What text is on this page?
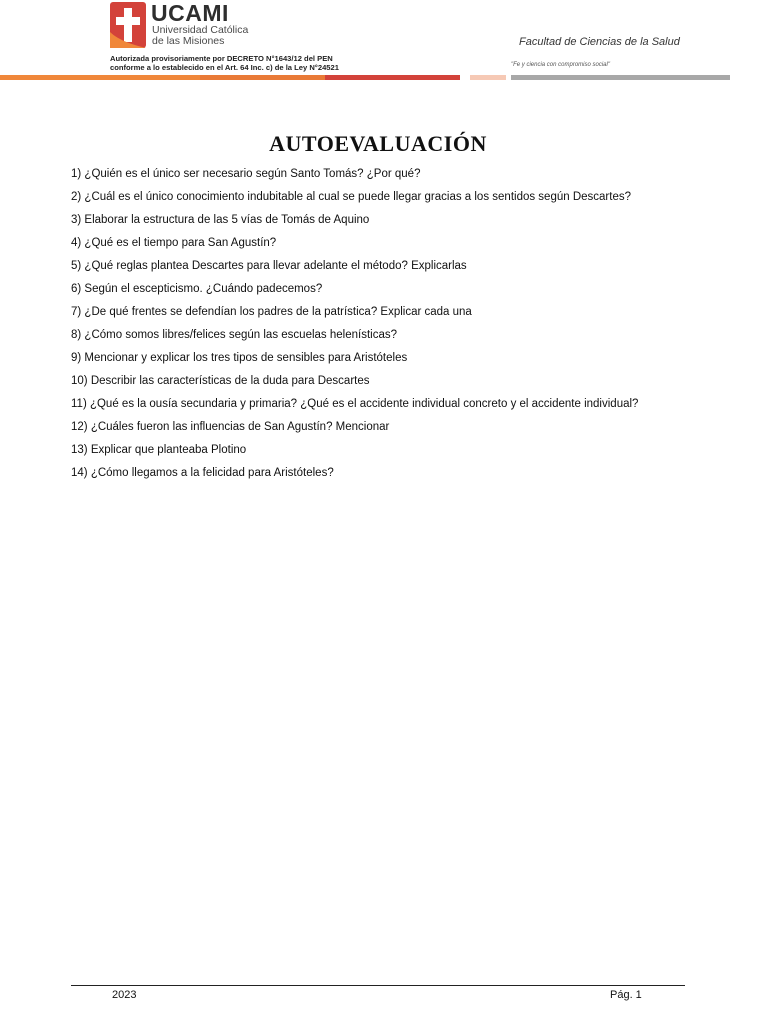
UCAMI
Universidad Católica
de las Misiones
Autorizada provisoriamente por DECRETO N°1643/12 del PEN
conforme a lo establecido en el Art. 64 Inc. c) de la Ley N°24521
Facultad de Ciencias de la Salud
"Fe y ciencia con compromiso social"
AUTOEVALUACIÓN
1) ¿Quién es el único ser necesario según Santo Tomás? ¿Por qué?
2) ¿Cuál es el único conocimiento indubitable al cual se puede llegar gracias a los sentidos según Descartes?
3) Elaborar la estructura de las 5 vías de Tomás de Aquino
4) ¿Qué es el tiempo para San Agustín?
5) ¿Qué reglas plantea Descartes para llevar adelante el método? Explicarlas
6) Según el escepticismo. ¿Cuándo padecemos?
7) ¿De qué frentes se defendían los padres de la patrística? Explicar cada una
8) ¿Cómo somos libres/felices según las escuelas helenísticas?
9) Mencionar y explicar los tres tipos de sensibles para Aristóteles
10) Describir las características de la duda para Descartes
11) ¿Qué es la ousía secundaria y primaria? ¿Qué es el accidente individual concreto y el accidente individual?
12) ¿Cuáles fueron las influencias de San Agustín? Mencionar
13) Explicar que planteaba Plotino
14) ¿Cómo llegamos a la felicidad para Aristóteles?
2023	Pág. 1
